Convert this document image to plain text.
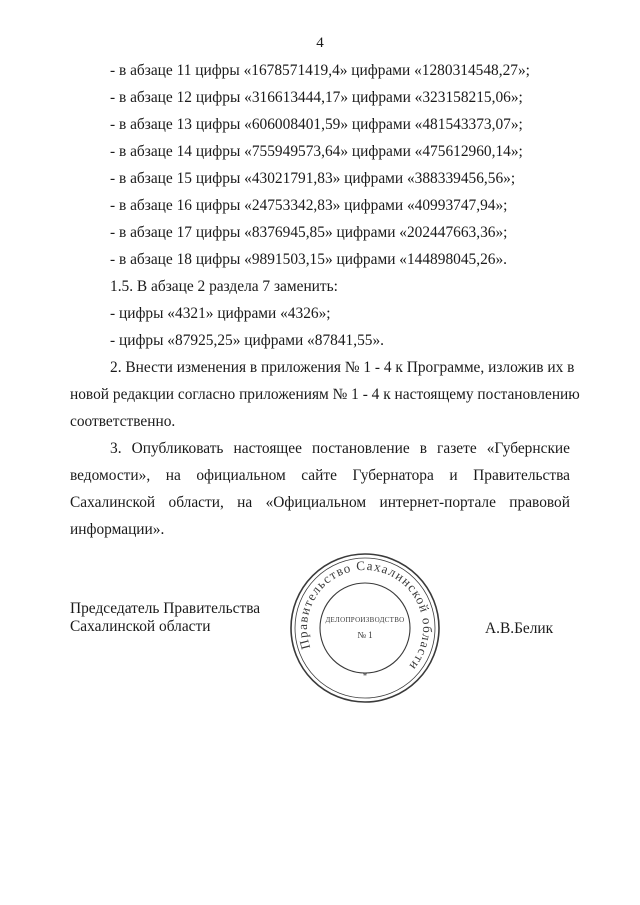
4
- в абзаце 11 цифры «1678571419,4» цифрами «1280314548,27»;
- в абзаце 12 цифры «316613444,17» цифрами «323158215,06»;
- в абзаце 13 цифры «606008401,59» цифрами «481543373,07»;
- в абзаце 14 цифры «755949573,64» цифрами «475612960,14»;
- в абзаце 15 цифры «43021791,83» цифрами «388339456,56»;
- в абзаце 16 цифры «24753342,83» цифрами «40993747,94»;
- в абзаце 17 цифры «8376945,85» цифрами «202447663,36»;
- в абзаце 18 цифры «9891503,15» цифрами «144898045,26».
1.5. В абзаце 2 раздела 7 заменить:
- цифры «4321» цифрами «4326»;
- цифры «87925,25» цифрами «87841,55».
2. Внести изменения в приложения № 1 - 4 к Программе, изложив их в
новой редакции согласно приложениям № 1 - 4 к настоящему постановлению
соответственно.
3. Опубликовать настоящее постановление в газете «Губернские
ведомости», на официальном сайте Губернатора и Правительства
Сахалинской области, на «Официальном интернет-портале правовой
информации».
Правительство Сахалинской области
*
ДЕЛОПРОИЗВОДСТВО
№ 1
Председатель Правительства
Сахалинской области	А.В.Белик
